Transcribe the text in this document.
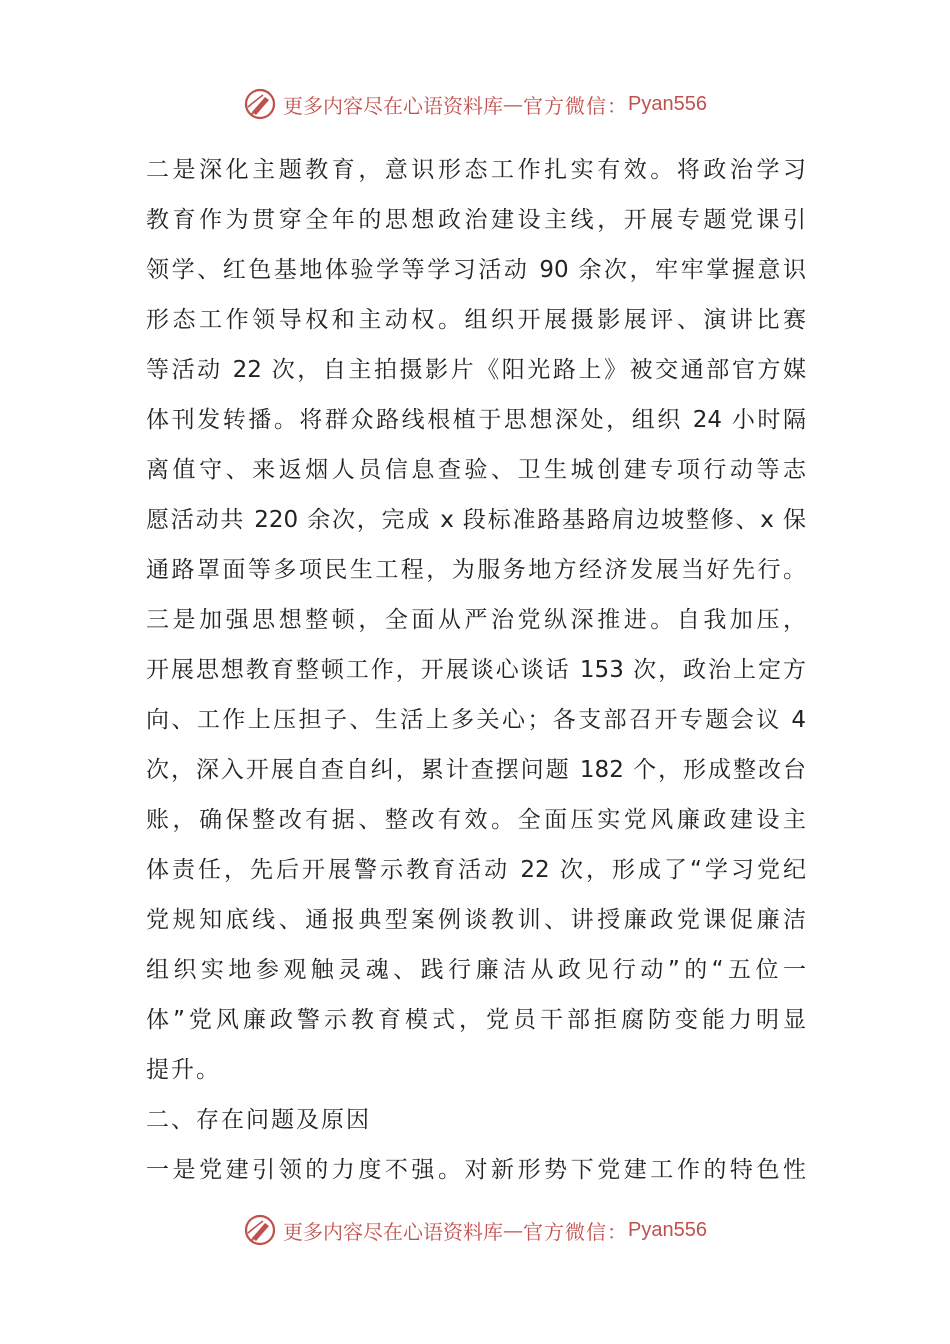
更多内容尽在心语资料库 — 官方微信： Pyan556
二是深化主题教育，意识形态工作扎实有效。将政治学习
教育作为贯穿全年的思想政治建设主线，开展专题党课引
领学、红色基地体验学等学习活动 90 余次，牢牢掌握意识
形态工作领导权和主动权。组织开展摄影展评、演讲比赛
等活动 22 次，自主拍摄影片《阳光路上》被交通部官方媒
体刊发转播。将群众路线根植于思想深处，组织 24 小时隔
离值守、来返烟人员信息查验、卫生城创建专项行动等志
愿活动共 220 余次，完成 x 段标准路基路肩边坡整修、x 保
通路罩面等多项民生工程，为服务地方经济发展当好先行。
三是加强思想整顿，全面从严治党纵深推进。自我加压，
开展思想教育整顿工作，开展谈心谈话 153 次，政治上定方
向、工作上压担子、生活上多关心；各支部召开专题会议 4
次，深入开展自查自纠，累计查摆问题 182 个，形成整改台
账，确保整改有据、整改有效。全面压实党风廉政建设主
体责任，先后开展警示教育活动 22 次，形成了“学习党纪
党规知底线、通报典型案例谈教训、讲授廉政党课促廉洁
组织实地参观触灵魂、践行廉洁从政见行动”的“五位一
体”党风廉政警示教育模式，党员干部拒腐防变能力明显
提升。
二、存在问题及原因
一是党建引领的力度不强。对新形势下党建工作的特色性
更多内容尽在心语资料库 — 官方微信： Pyan556
